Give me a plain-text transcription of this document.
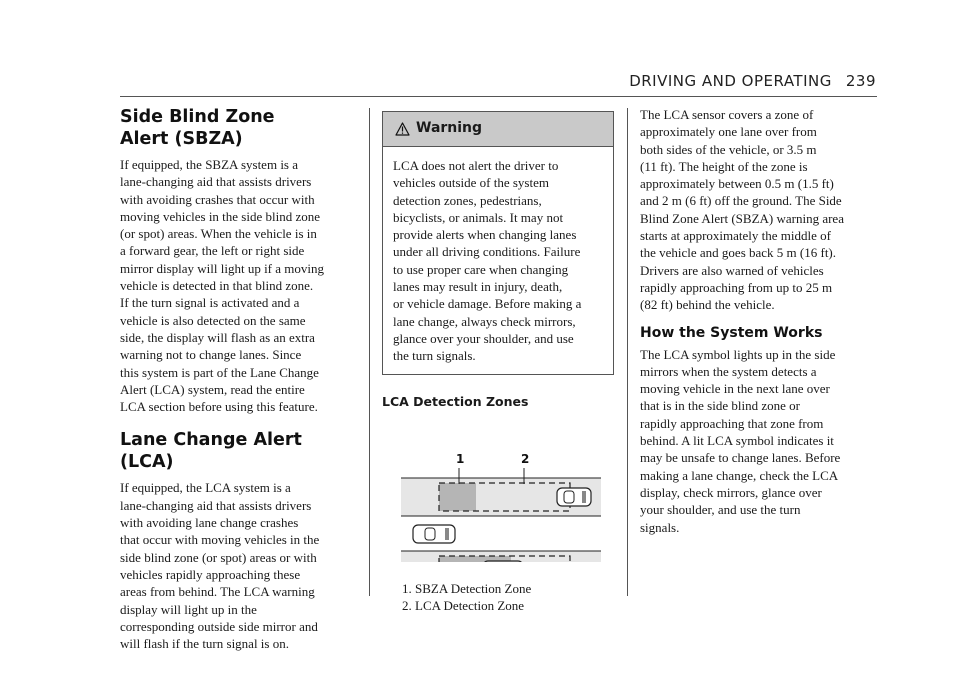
DRIVING AND OPERATING 239
Side Blind Zone
Alert (SBZA)

If equipped, the SBZA system is a
lane-changing aid that assists drivers
with avoiding crashes that occur with
moving vehicles in the side blind zone
(or spot) areas. When the vehicle is in
a forward gear, the left or right side
mirror display will light up if a moving
vehicle is detected in that blind zone.
If the turn signal is activated and a
vehicle is also detected on the same
side, the display will flash as an extra
warning not to change lanes. Since
this system is part of the Lane Change
Alert (LCA) system, read the entire
LCA section before using this feature.

Lane Change Alert (LCA)

If equipped, the LCA system is a
lane-changing aid that assists drivers
with avoiding lane change crashes
that occur with moving vehicles in the
side blind zone (or spot) areas or with
vehicles rapidly approaching these
areas from behind. The LCA warning
display will light up in the
corresponding outside side mirror and
will flash if the turn signal is on.

Warning
LCA does not alert the driver to
vehicles outside of the system
detection zones, pedestrians,
bicyclists, or animals. It may not
provide alerts when changing lanes
under all driving conditions. Failure
to use proper care when changing
lanes may result in injury, death,
or vehicle damage. Before making a
lane change, always check mirrors,
glance over your shoulder, and use
the turn signals.
LCA Detection Zones
1	2
1. SBZA Detection Zone
2. LCA Detection Zone

The LCA sensor covers a zone of
approximately one lane over from
both sides of the vehicle, or 3.5 m
(11 ft). The height of the zone is
approximately between 0.5 m (1.5 ft)
and 2 m (6 ft) off the ground. The Side
Blind Zone Alert (SBZA) warning area
starts at approximately the middle of
the vehicle and goes back 5 m (16 ft).
Drivers are also warned of vehicles
rapidly approaching from up to 25 m
(82 ft) behind the vehicle.

How the System Works

The LCA symbol lights up in the side
mirrors when the system detects a
moving vehicle in the next lane over
that is in the side blind zone or
rapidly approaching that zone from
behind. A lit LCA symbol indicates it
may be unsafe to change lanes. Before
making a lane change, check the LCA
display, check mirrors, glance over
your shoulder, and use the turn
signals.
